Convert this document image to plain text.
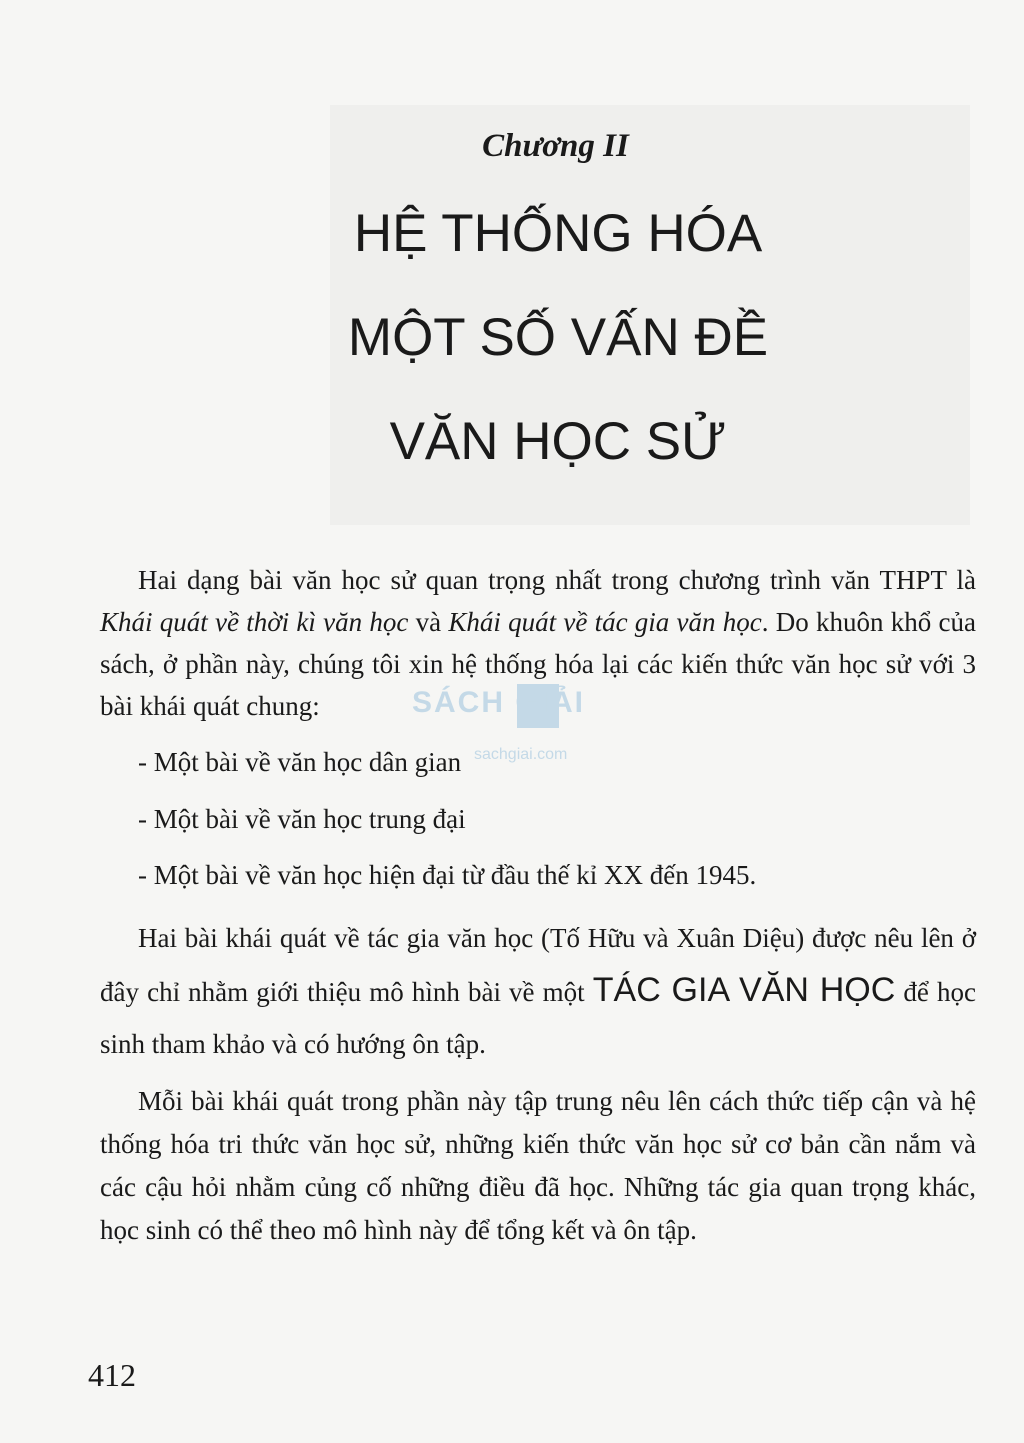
Chương II
HỆ THỐNG HÓA
MỘT SỐ VẤN ĐỀ
VĂN HỌC SỬ

Hai dạng bài văn học sử quan trọng nhất trong chương trình văn THPT là Khái quát về thời kì văn học và Khái quát về tác gia văn học. Do khuôn khổ của sách, ở phần này, chúng tôi xin hệ thống hóa lại các kiến thức văn học sử với 3 bài khái quát chung:

- Một bài về văn học dân gian

- Một bài về văn học trung đại

- Một bài về văn học hiện đại từ đầu thế kỉ XX đến 1945.

Hai bài khái quát về tác gia văn học (Tố Hữu và Xuân Diệu) được nêu lên ở đây chỉ nhằm giới thiệu mô hình bài về một TÁC GIA VĂN HỌC để học sinh tham khảo và có hướng ôn tập.

Mỗi bài khái quát trong phần này tập trung nêu lên cách thức tiếp cận và hệ thống hóa tri thức văn học sử, những kiến thức văn học sử cơ bản cần nắm và các cậu hỏi nhằm củng cố những điều đã học. Những tác gia quan trọng khác, học sinh có thể theo mô hình này để tổng kết và ôn tập.

412

SÁCH GIẢI
sachgiai.com
